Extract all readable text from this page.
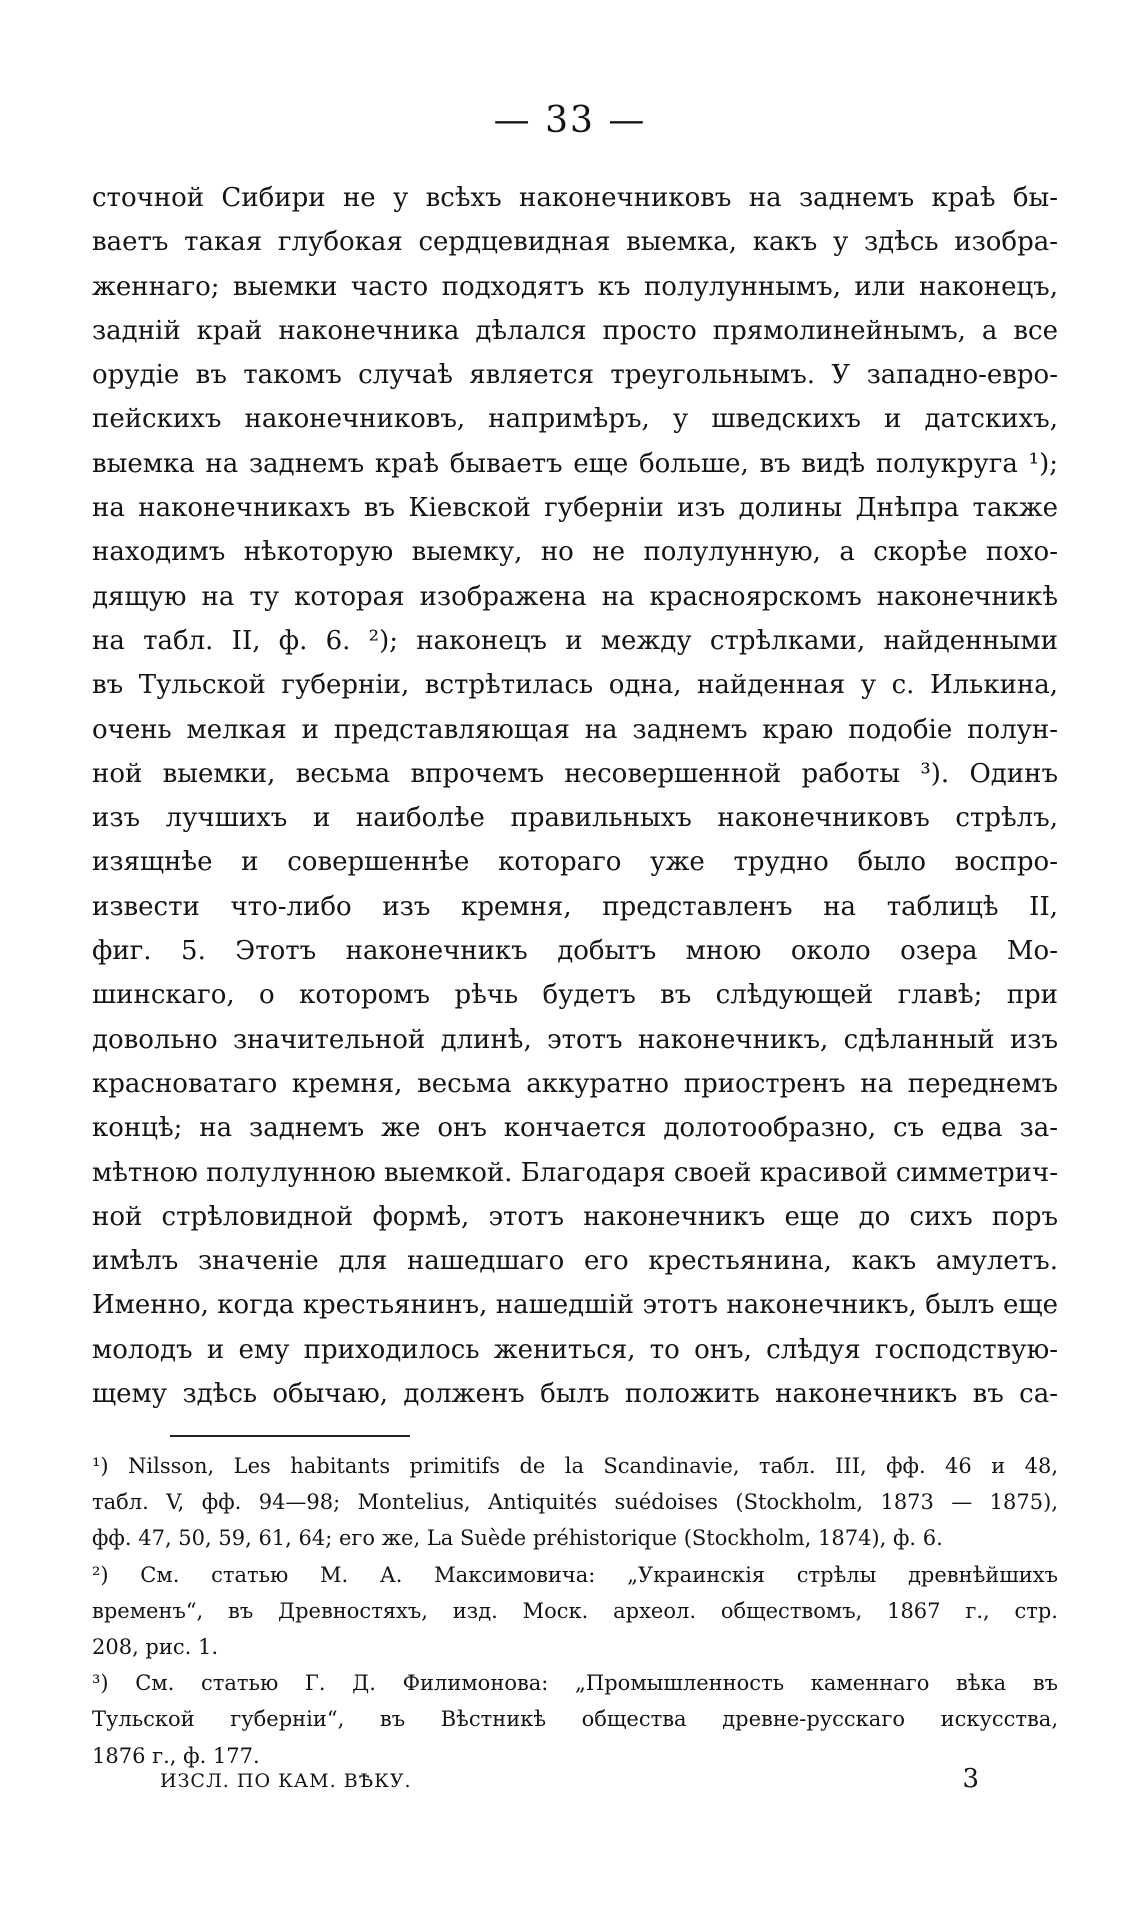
— 33 —
сточной Сибири не у всѣхъ наконечниковъ на заднемъ краѣ бы-
ваетъ такая глубокая сердцевидная выемка, какъ у здѣсь изобра-
женнаго; выемки часто подходятъ къ полулуннымъ, или наконецъ,
задній край наконечника дѣлался просто прямолинейнымъ, а все
орудіе въ такомъ случаѣ является треугольнымъ. У западно-евро-
пейскихъ наконечниковъ, напримѣръ, у шведскихъ и датскихъ,
выемка на заднемъ краѣ бываетъ еще больше, въ видѣ полукруга ¹);
на наконечникахъ въ Кіевской губерніи изъ долины Днѣпра также
находимъ нѣкоторую выемку, но не полулунную, а скорѣе похо-
дящую на ту которая изображена на красноярскомъ наконечникѣ
на табл. II, ф. 6. ²); наконецъ и между стрѣлками, найденными
въ Тульской губерніи, встрѣтилась одна, найденная у с. Илькина,
очень мелкая и представляющая на заднемъ краю подобіе полун-
ной выемки, весьма впрочемъ несовершенной работы ³). Одинъ
изъ лучшихъ и наиболѣе правильныхъ наконечниковъ стрѣлъ,
изящнѣе и совершеннѣе котораго уже трудно было воспро-
извести что-либо изъ кремня, представленъ на таблицѣ II,
фиг. 5. Этотъ наконечникъ добытъ мною около озера Мо-
шинскаго, о которомъ рѣчь будетъ въ слѣдующей главѣ; при
довольно значительной длинѣ, этотъ наконечникъ, сдѣланный изъ
красноватаго кремня, весьма аккуратно приостренъ на переднемъ
концѣ; на заднемъ же онъ кончается долотообразно, съ едва за-
мѣтною полулунною выемкой. Благодаря своей красивой симметрич-
ной стрѣловидной формѣ, этотъ наконечникъ еще до сихъ поръ
имѣлъ значеніе для нашедшаго его крестьянина, какъ амулетъ.
Именно, когда крестьянинъ, нашедшій этотъ наконечникъ, былъ еще
молодъ и ему приходилось жениться, то онъ, слѣдуя господствую-
щему здѣсь обычаю, долженъ былъ положить наконечникъ въ са-
¹) Nilsson, Les habitants primitifs de la Scandinavie, табл. III, фф. 46 и 48,
табл. V, фф. 94—98; Montelius, Antiquités suédoises (Stockholm, 1873 — 1875),
фф. 47, 50, 59, 61, 64; его же, La Suède préhistorique (Stockholm, 1874), ф. 6.
²) См. статью М. А. Максимовича: „Украинскія стрѣлы древнѣйшихъ
временъ“, въ Древностяхъ, изд. Моск. археол. обществомъ, 1867 г., стр.
208, рис. 1.
³) См. статью Г. Д. Филимонова: „Промышленность каменнаго вѣка въ
Тульской губерніи“, въ Вѣстникѣ общества древне-русскаго искусства,
1876 г., ф. 177.
ИЗСЛ. ПО КАМ. ВѢКУ.	3
